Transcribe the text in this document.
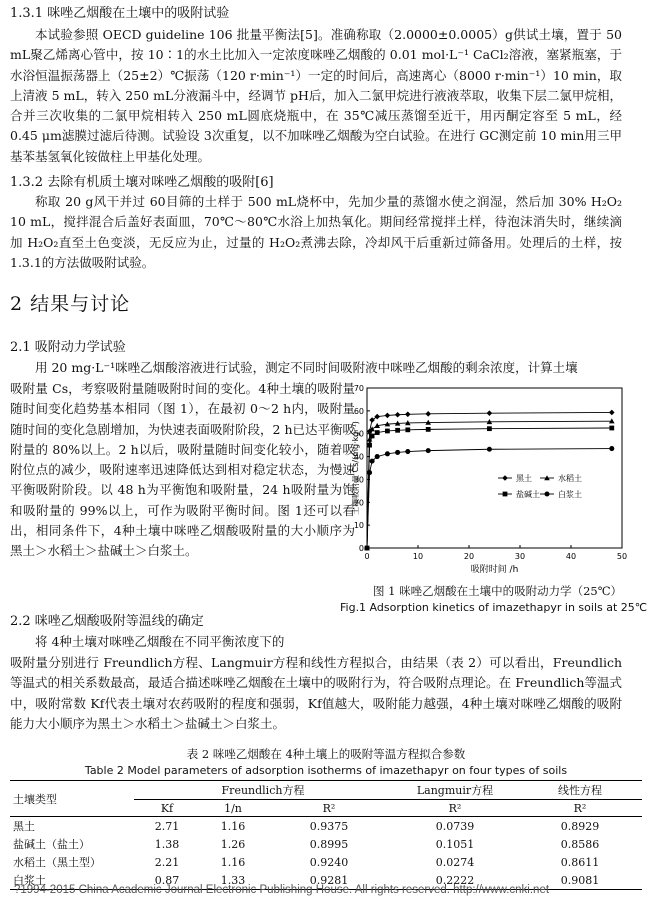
1.3.1 咪唑乙烟酸在土壤中的吸附试验

本试验参照 OECD guideline 106 批量平衡法[5]。准确称取（2.0000±0.0005）g供试土壤，置于 50 mL聚乙烯离心管中，按 10∶1的水土比加入一定浓度咪唑乙烟酸的 0.01 mol·L⁻¹ CaCl₂溶液，塞紧瓶塞，于水浴恒温振荡器上（25±2）℃振荡（120 r·min⁻¹）一定的时间后，高速离心（8000 r·min⁻¹）10 min，取上清液 5 mL，转入 250 mL分液漏斗中，经调节 pH后，加入二氯甲烷进行液液萃取，收集下层二氯甲烷相，合并三次收集的二氯甲烷相转入 250 mL圆底烧瓶中，在 35℃减压蒸馏至近干，用丙酮定容至 5 mL，经 0.45 μm滤膜过滤后待测。试验设 3次重复，以不加咪唑乙烟酸为空白试验。在进行 GC测定前 10 min用三甲基苯基氢氧化铵做柱上甲基化处理。

1.3.2 去除有机质土壤对咪唑乙烟酸的吸附[6]

称取 20 g风干并过 60目筛的土样于 500 mL烧杯中，先加少量的蒸馏水使之润湿，然后加 30% H₂O₂ 10 mL，搅拌混合后盖好表面皿，70℃～80℃水浴上加热氧化。期间经常搅拌土样，待泡沫消失时，继续滴加 H₂O₂直至土色变淡，无反应为止，过量的 H₂O₂煮沸去除，冷却风干后重新过筛备用。处理后的土样，按 1.3.1的方法做吸附试验。

2 结果与讨论
2.1 吸附动力学试验

用 20 mg·L⁻¹咪唑乙烟酸溶液进行试验，测定不同时间吸附液中咪唑乙烟酸的剩余浓度，计算土壤

吸附量 Cs，考察吸附量随吸附时间的变化。4种土壤的吸附量随时间变化趋势基本相同（图 1），在最初 0～2 h内，吸附量随时间的变化急剧增加，为快速表面吸附阶段，2 h已达平衡吸附量的 80%以上。2 h以后，吸附量随时间变化较小，随着吸附位点的减少，吸附速率迅速降低达到相对稳定状态，为慢速平衡吸附阶段。以 48 h为平衡饱和吸附量，24 h吸附量为饱和吸附量的 99%以上，可作为吸附平衡时间。图 1还可以看出，相同条件下，4种土壤中咪唑乙烟酸吸附量的大小顺序为黑土＞水稻土＞盐碱土＞白浆土。	0	10	20	30	40	50
0
10
20
30
40
50
60
70
吸附时间 /h
土壤吸附量 Cs/(mg·kg⁻¹)
黑土	水稻土
盐碱土 白浆土
图 1 咪唑乙烟酸在土壤中的吸附动力学（25℃）
Fig.1 Adsorption kinetics of imazethapyr in soils at 25℃
2.2 咪唑乙烟酸吸附等温线的确定

将 4种土壤对咪唑乙烟酸在不同平衡浓度下的

吸附量分别进行 Freundlich方程、Langmuir方程和线性方程拟合，由结果（表 2）可以看出，Freundlich等温式的相关系数最高，最适合描述咪唑乙烟酸在土壤中的吸附行为，符合吸附点理论。在 Freundlich等温式中，吸附常数 Kf代表土壤对农药吸附的程度和强弱，Kf值越大，吸附能力越强，4种土壤对咪唑乙烟酸的吸附能力大小顺序为黑土＞水稻土＞盐碱土＞白浆土。

表 2 咪唑乙烟酸在 4种土壤上的吸附等温方程拟合参数
Table 2 Model parameters of adsorption isotherms of imazethapyr on four types of soils
土壤类型	Freundlich方程			Langmuir方程	线性方程
	Kf	1/n	R²	R²	R²
黑土	2.71	1.16	0.9375	0.0739	0.8929
盐碱土（盐土）	1.38	1.26	0.8995	0.1051	0.8586
水稻土（黑土型）	2.21	1.16	0.9240	0.0274	0.8611
白浆土	0.87	1.33	0.9281	0.2222	0.9081
?1994-2015 China Academic Journal Electronic Publishing House. All rights reserved. http://www.cnki.net
